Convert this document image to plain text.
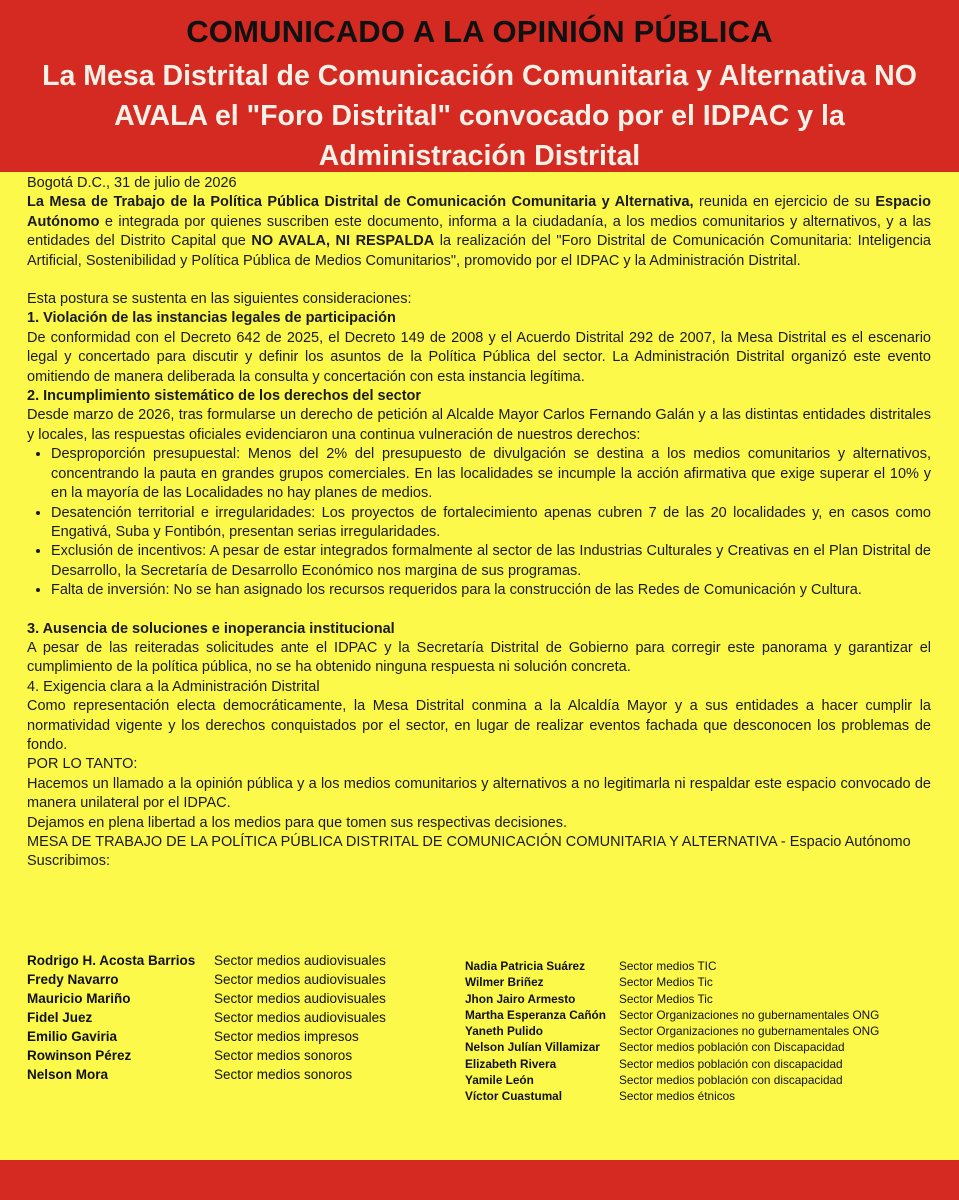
COMUNICADO A LA OPINIÓN PÚBLICA
La Mesa Distrital de Comunicación Comunitaria y Alternativa NO AVALA el "Foro Distrital" convocado por el IDPAC y la Administración Distrital

Bogotá D.C., 31 de julio de 2026

La Mesa de Trabajo de la Política Pública Distrital de Comunicación Comunitaria y Alternativa, reunida en ejercicio de su Espacio Autónomo e integrada por quienes suscriben este documento, informa a la ciudadanía, a los medios comunitarios y alternativos, y a las entidades del Distrito Capital que NO AVALA, NI RESPALDA la realización del "Foro Distrital de Comunicación Comunitaria: Inteligencia Artificial, Sostenibilidad y Política Pública de Medios Comunitarios", promovido por el IDPAC y la Administración Distrital.

Esta postura se sustenta en las siguientes consideraciones:

1. Violación de las instancias legales de participación

De conformidad con el Decreto 642 de 2025, el Decreto 149 de 2008 y el Acuerdo Distrital 292 de 2007, la Mesa Distrital es el escenario legal y concertado para discutir y definir los asuntos de la Política Pública del sector. La Administración Distrital organizó este evento omitiendo de manera deliberada la consulta y concertación con esta instancia legítima.

2. Incumplimiento sistemático de los derechos del sector

Desde marzo de 2026, tras formularse un derecho de petición al Alcalde Mayor Carlos Fernando Galán y a las distintas entidades distritales y locales, las respuestas oficiales evidenciaron una continua vulneración de nuestros derechos:

• Desproporción presupuestal: Menos del 2% del presupuesto de divulgación se destina a los medios comunitarios y alternativos, concentrando la pauta en grandes grupos comerciales. En las localidades se incumple la acción afirmativa que exige superar el 10% y en la mayoría de las Localidades no hay planes de medios.
• Desatención territorial e irregularidades: Los proyectos de fortalecimiento apenas cubren 7 de las 20 localidades y, en casos como Engativá, Suba y Fontibón, presentan serias irregularidades.
• Exclusión de incentivos: A pesar de estar integrados formalmente al sector de las Industrias Culturales y Creativas en el Plan Distrital de Desarrollo, la Secretaría de Desarrollo Económico nos margina de sus programas.
• Falta de inversión: No se han asignado los recursos requeridos para la construcción de las Redes de Comunicación y Cultura.

3. Ausencia de soluciones e inoperancia institucional

A pesar de las reiteradas solicitudes ante el IDPAC y la Secretaría Distrital de Gobierno para corregir este panorama y garantizar el cumplimiento de la política pública, no se ha obtenido ninguna respuesta ni solución concreta.

4. Exigencia clara a la Administración Distrital

Como representación electa democráticamente, la Mesa Distrital conmina a la Alcaldía Mayor y a sus entidades a hacer cumplir la normatividad vigente y los derechos conquistados por el sector, en lugar de realizar eventos fachada que desconocen los problemas de fondo.

POR LO TANTO:

Hacemos un llamado a la opinión pública y a los medios comunitarios y alternativos a no legitimarla ni respaldar este espacio convocado de manera unilateral por el IDPAC.

Dejamos en plena libertad a los medios para que tomen sus respectivas decisiones.

MESA DE TRABAJO DE LA POLÍTICA PÚBLICA DISTRITAL DE COMUNICACIÓN COMUNITARIA Y ALTERNATIVA - Espacio Autónomo

Suscribimos:

Rodrigo H. Acosta Barrios Sector medios audiovisuales
Fredy Navarro	Sector medios audiovisuales
Mauricio Mariño	Sector medios audiovisuales
Fidel Juez	Sector medios audiovisuales
Emilio Gaviria	Sector medios impresos
Rowinson Pérez	Sector medios sonoros
Nelson Mora	Sector medios sonoros
Nadia Patricia Suárez	Sector medios TIC
Wilmer Briñez	Sector Medios Tic
Jhon Jairo Armesto	Sector Medios Tic
Martha Esperanza Cañón Sector Organizaciones no gubernamentales ONG
Yaneth Pulido	Sector Organizaciones no gubernamentales ONG
Nelson Julían Villamizar Sector medios población con Discapacidad
Elizabeth Rivera	Sector medios población con discapacidad
Yamile León	Sector medios población con discapacidad
Víctor Cuastumal	Sector medios étnicos
